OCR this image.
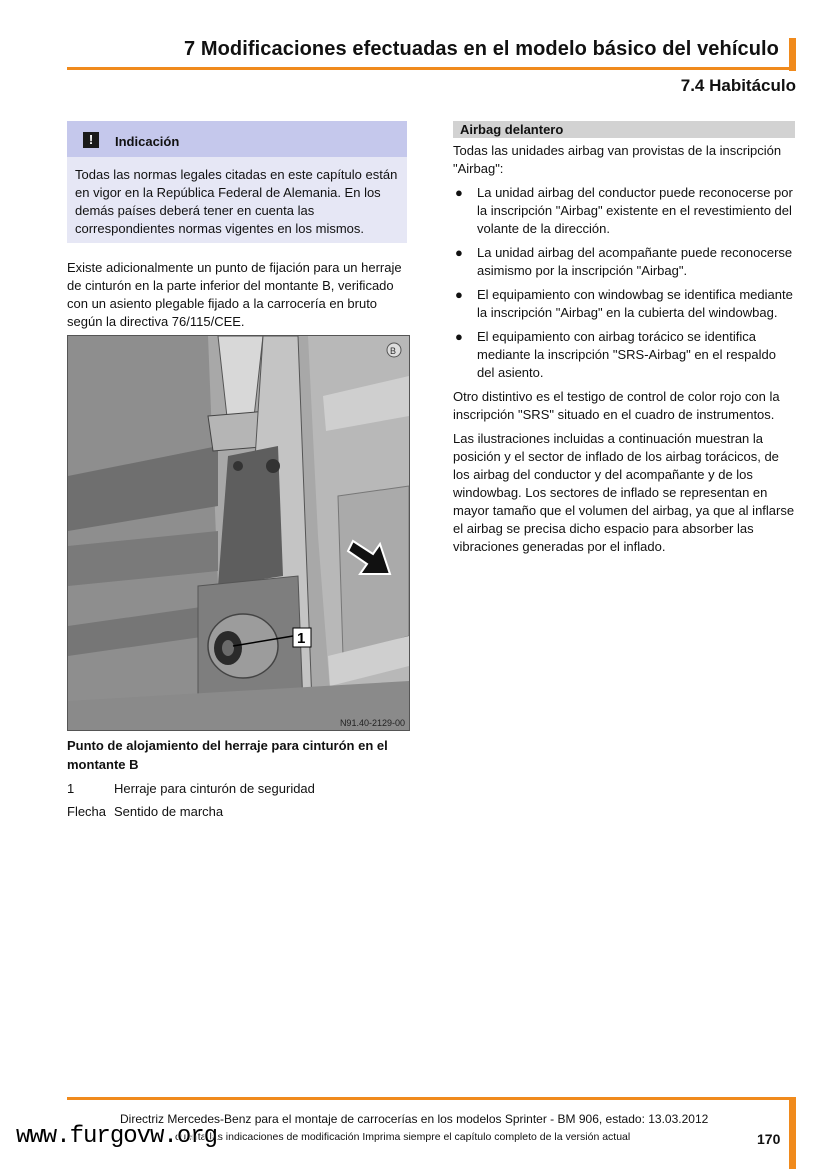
7 Modificaciones efectuadas en el modelo básico del vehículo
7.4 Habitáculo
!	Indicación
Todas las normas legales citadas en este capítulo están en vigor en la República Federal de Alemania. En los demás países deberá tener en cuenta las correspondientes normas vigentes en los mismos.
Existe adicionalmente un punto de fijación para un herraje de cinturón en la parte inferior del montante B, verificado con un asiento plegable fijado a la carrocería en bruto según la directiva 76/115/CEE.
1
B
N91.40-2129-00
Punto de alojamiento del herraje para cinturón en el montante B
1	Herraje para cinturón de seguridad
Flecha Sentido de marcha
Airbag delantero

Todas las unidades airbag van provistas de la inscripción "Airbag":

● La unidad airbag del conductor puede reconocerse por la inscripción "Airbag" existente en el revestimiento del volante de la dirección.
● La unidad airbag del acompañante puede reconocerse asimismo por la inscripción "Airbag".
● El equipamiento con windowbag se identifica mediante la inscripción "Airbag" en la cubierta del windowbag.
● El equipamiento con airbag torácico se identifica mediante la inscripción "SRS-Airbag" en el respaldo del asiento.

Otro distintivo es el testigo de control de color rojo con la inscripción "SRS" situado en el cuadro de instrumentos.

Las ilustraciones incluidas a continuación muestran la posición y el sector de inflado de los airbag torácicos, de los airbag del conductor y del acompañante y de los windowbag. Los sectores de inflado se representan en mayor tamaño que el volumen del airbag, ya que al inflarse el airbag se precisa dicho espacio para absorber las vibraciones generadas por el inflado.

Directriz Mercedes-Benz para el montaje de carrocerías en los modelos Sprinter - BM 906, estado: 13.03.2012
cuenta las indicaciones de modificación Imprima siempre el capítulo completo de la versión actual
www.furgovw.org	170
